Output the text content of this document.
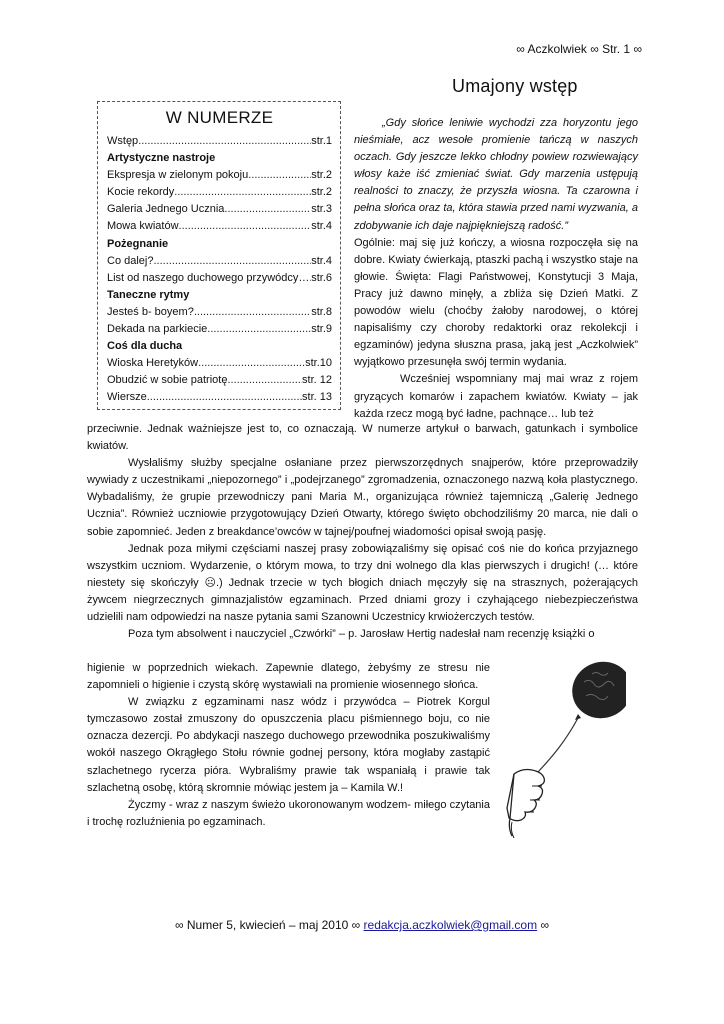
∞ Aczkolwiek ∞ Str. 1 ∞
Umajony wstęp
W NUMERZE
Wstęp .....	str.1
Artystyczne nastroje
Ekspresja w zielonym pokoju .....	str.2
Kocie rekordy .....	str.2
Galeria Jednego Ucznia .....	str.3
Mowa kwiatów .....	str.4
Pożegnanie
Co dalej? .....	str.4
List od naszego duchowego przywódcy… ..... str.6
Taneczne rytmy
Jesteś b- boyem? .....	str.8
Dekada na parkiecie .....	str.9
Coś dla ducha
Wioska Heretyków .....	str.10
Obudzić w sobie patriotę .....	str. 12
Wiersze .....	str. 13

„Gdy słońce leniwie wychodzi zza horyzontu jego nieśmiałe, acz wesołe promienie tańczą w naszych oczach. Gdy jeszcze lekko chłodny powiew rozwiewający włosy każe iść zmieniać świat. Gdy marzenia ustępują realności to znaczy, że przyszła wiosna. Ta czarowna i pełna słońca oraz ta, która stawia przed nami wyzwania, a zdobywanie ich daje najpiękniejszą radość.”

Ogólnie: maj się już kończy, a wiosna rozpoczęła się na dobre. Kwiaty ćwierkają, ptaszki pachą i wszystko staje na głowie. Święta: Flagi Państwowej, Konstytucji 3 Maja, Pracy już dawno minęły, a zbliża się Dzień Matki. Z powodów wielu (choćby żałoby narodowej, o której napisaliśmy czy choroby redaktorki oraz rekolekcji i egzaminów) jedyna słuszna prasa, jaką jest „Aczkolwiek” wyjątkowo przesunęła swój termin wydania.

Wcześniej wspomniany maj mai wraz z rojem gryzących komarów i zapachem kwiatów. Kwiaty – jak każda rzecz mogą być ładne, pachnące… lub też

przeciwnie. Jednak ważniejsze jest to, co oznaczają. W numerze artykuł o barwach, gatunkach i symbolice kwiatów.

Wysłaliśmy służby specjalne osłaniane przez pierwszorzędnych snajperów, które przeprowadziły wywiady z uczestnikami „niepozornego” i „podejrzanego” zgromadzenia, oznaczonego nazwą koła plastycznego. Wybadaliśmy, że grupie przewodniczy pani Maria M., organizująca również tajemniczą „Galerię Jednego Ucznia”. Również uczniowie przygotowujący Dzień Otwarty, którego święto obchodziliśmy 20 marca, nie dali o sobie zapomnieć. Jeden z breakdance’owców w tajnej/poufnej wiadomości opisał swoją pasję.

Jednak poza miłymi częściami naszej prasy zobowiązaliśmy się opisać coś nie do końca przyjaznego wszystkim uczniom. Wydarzenie, o którym mowa, to trzy dni wolnego dla klas pierwszych i drugich! (… które niestety się skończyły ☹.) Jednak trzecie w tych błogich dniach męczyły się na strasznych, pożerających żywcem niegrzecznych gimnazjalistów egzaminach. Przed dniami grozy i czyhającego niebezpieczeństwa udzielili nam odpowiedzi na nasze pytania sami Szanowni Uczestnicy krwiożerczych testów.

Poza tym absolwent i nauczyciel „Czwórki” – p. Jarosław Hertig nadesłał nam recenzję książki o

higienie w poprzednich wiekach. Zapewnie dlatego, żebyśmy ze stresu nie zapomnieli o higienie i czystą skórę wystawiali na promienie wiosennego słońca.

W związku z egzaminami nasz wódz i przywódca – Piotrek Korgul tymczasowo został zmuszony do opuszczenia placu piśmiennego boju, co nie oznacza dezercji. Po abdykacji naszego duchowego przewodnika poszukiwaliśmy wokół naszego Okrągłego Stołu równie godnej persony, która mogłaby zastąpić szlachetnego rycerza pióra. Wybraliśmy prawie tak wspaniałą i prawie tak szlachetną osobę, którą skromnie mówiąc jestem ja – Kamila W.!

Życzmy - wraz z naszym świeżo ukoronowanym wodzem- miłego czytania i trochę rozluźnienia po egzaminach.

∞ Numer 5, kwiecień – maj 2010 ∞ redakcja.aczkolwiek@gmail.com ∞
